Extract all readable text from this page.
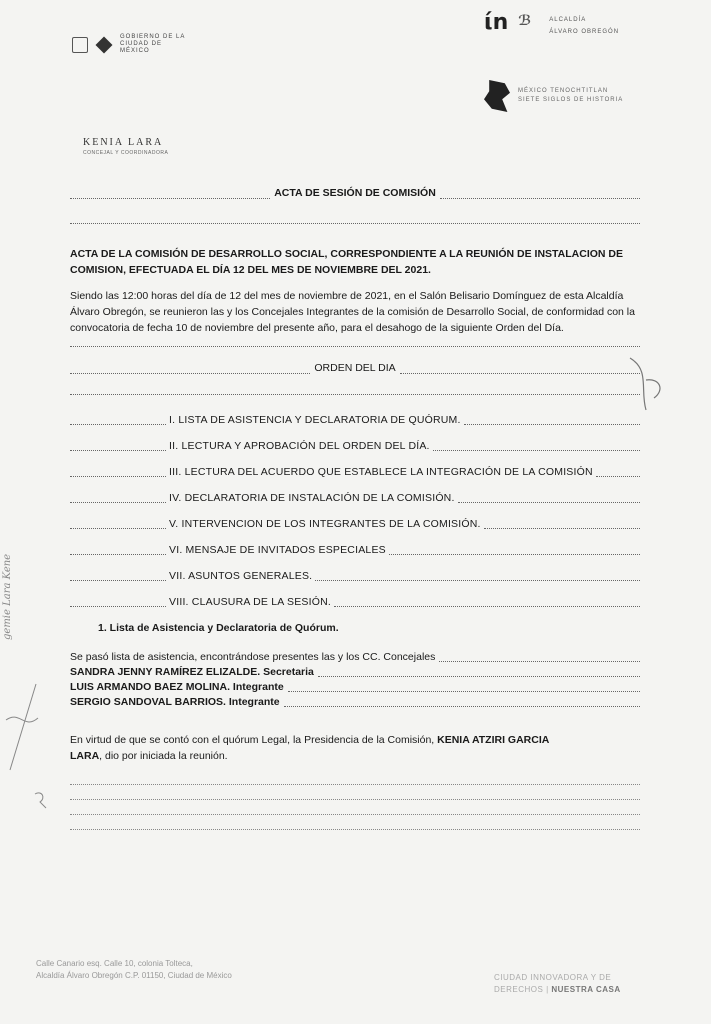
GOBIERNO DE LA CIUDAD DE MÉXICO
ίn ℬ	ALCALDÍA
ÁLVARO OBREGÓN
MÉXICO TENOCHTITLAN
SIETE SIGLOS DE HISTORIA
KENIA LARA
CONCEJAL Y COORDINADORA
ACTA DE SESIÓN DE COMISIÓN
ACTA DE LA COMISIÓN DE DESARROLLO SOCIAL, CORRESPONDIENTE A LA REUNIÓN DE INSTALACION DE COMISION, EFECTUADA EL DÍA 12 DEL MES DE NOVIEMBRE DEL 2021.
Siendo las 12:00 horas del día de 12 del mes de noviembre de 2021, en el Salón Belisario Domínguez de esta Alcaldía Álvaro Obregón, se reunieron las y los Concejales Integrantes de la comisión de Desarrollo Social, de conformidad con la convocatoria de fecha 10 de noviembre del presente año, para el desahogo de la siguiente Orden del Día.
ORDEN DEL DIA
I. LISTA DE ASISTENCIA Y DECLARATORIA DE QUÓRUM.
II. LECTURA Y APROBACIÓN DEL ORDEN DEL DÍA.
III. LECTURA DEL ACUERDO QUE ESTABLECE LA INTEGRACIÓN DE LA COMISIÓN
IV. DECLARATORIA DE INSTALACIÓN DE LA COMISIÓN.
V. INTERVENCION DE LOS INTEGRANTES DE LA COMISIÓN.
VI. MENSAJE DE INVITADOS ESPECIALES
VII. ASUNTOS GENERALES.
VIII. CLAUSURA DE LA SESIÓN.
1. Lista de Asistencia y Declaratoria de Quórum.
Se pasó lista de asistencia, encontrándose presentes las y los CC. Concejales
SANDRA JENNY RAMÍREZ ELIZALDE. Secretaria
LUIS ARMANDO BAEZ MOLINA. Integrante
SERGIO SANDOVAL BARRIOS. Integrante
En virtud de que se contó con el quórum Legal, la Presidencia de la Comisión, KENIA ATZIRI GARCIA
LARA, dio por iniciada la reunión.
gemie Lara Kene
Calle Canario esq. Calle 10, colonia Tolteca,
Alcaldía Álvaro Obregón C.P. 01150, Ciudad de México	CIUDAD INNOVADORA Y DE
DERECHOS | NUESTRA CASA
